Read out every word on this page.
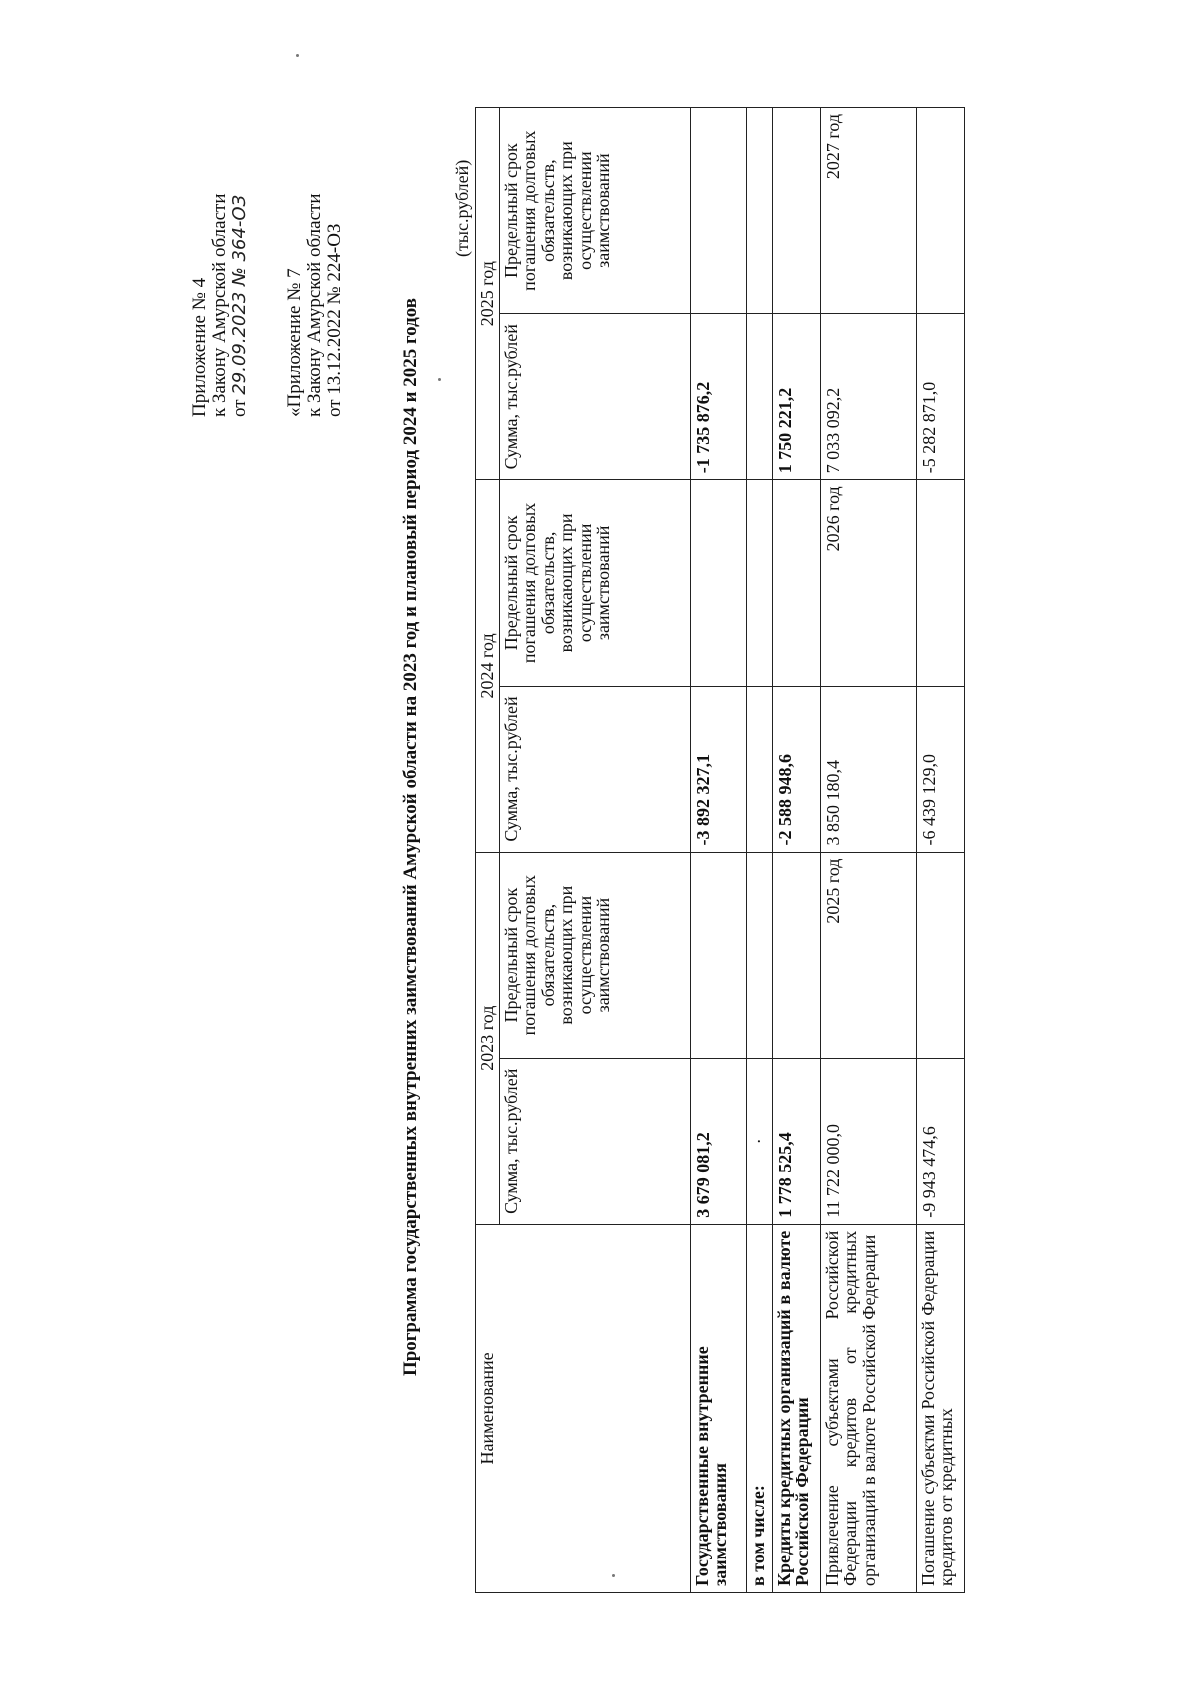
Приложение № 4
к Закону Амурской области
от 29.09.2023 № 364-ОЗ «Приложение № 7
к Закону Амурской области
от 13.12.2022 № 224-ОЗ	Программа государственных внутренних заимствований Амурской области на 2023 год и плановый период 2024 и 2025 годов
(тыс.рублей)
Наименование	2023 год		2024 год		2025 год	
	Сумма, тыс.рублей	Предельный срок погашения долговых обязательств, возникающих при осуществлении заимствований	Сумма, тыс.рублей	Предельный срок погашения долговых обязательств, возникающих при осуществлении заимствований	Сумма, тыс.рублей	Предельный срок погашения долговых обязательств, возникающих при осуществлении заимствований
Государственные внутренние заимствования	3 679 081,2		-3 892 327,1		-1 735 876,2	
в том числе:	·					
Кредиты кредитных организаций в валюте Российской Федерации	1 778 525,4		-2 588 948,6		1 750 221,2	
Привлечение субъектами Российской Федерации кредитов от кредитных организаций в валюте Российской Федерации	11 722 000,0	2025 год	3 850 180,4	2026 год	7 033 092,2	2027 год
Погашение субъектми Российской Федерации кредитов от кредитных	-9 943 474,6		-6 439 129,0		-5 282 871,0	
